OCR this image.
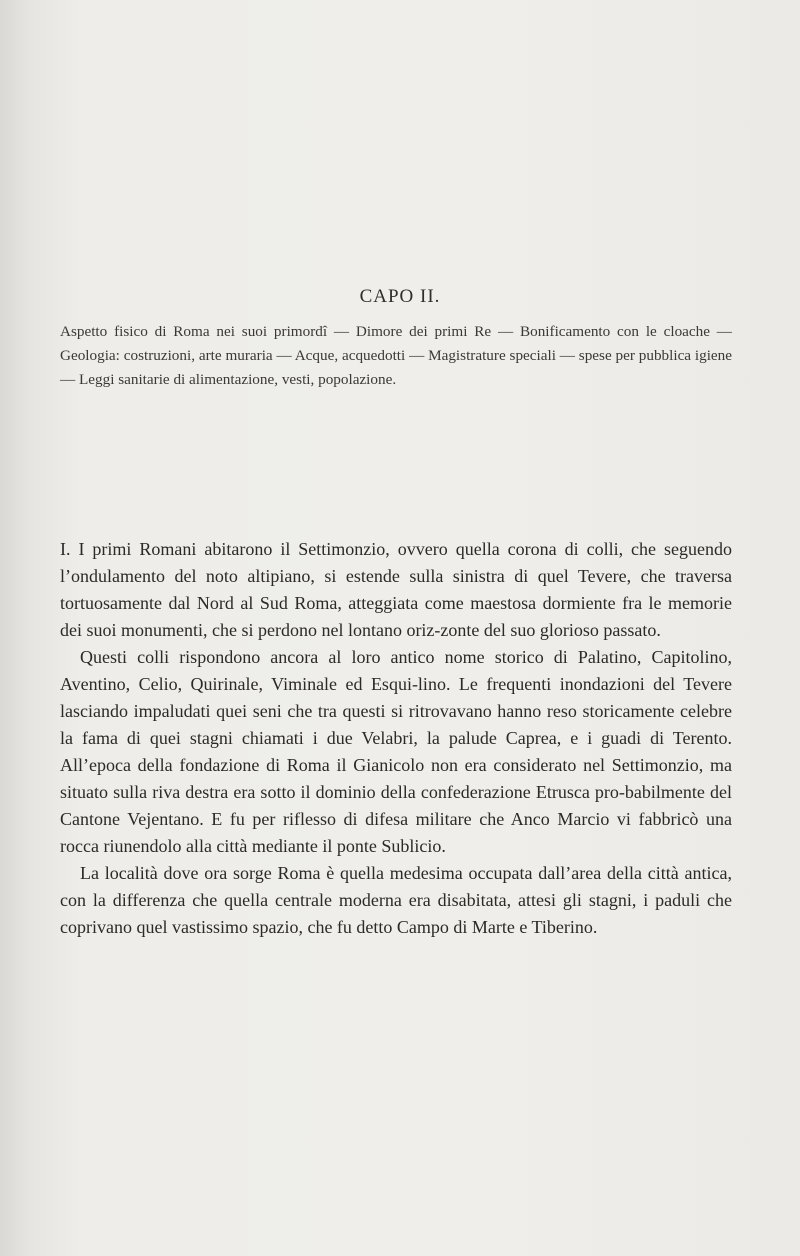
CAPO II.
Aspetto fisico di Roma nei suoi primordî — Dimore dei primi Re — Bonificamento con le cloache — Geologia: costruzioni, arte muraria — Acque, acquedotti — Magistrature speciali — spese per pubblica igiene — Leggi sanitarie di alimentazione, vesti, popolazione.

I. I primi Romani abitarono il Settimonzio, ovvero quella corona di colli, che seguendo l’ondulamento del noto altipiano, si estende sulla sinistra di quel Tevere, che traversa tortuosamente dal Nord al Sud Roma, atteggiata come maestosa dormiente fra le memorie dei suoi monumenti, che si perdono nel lontano oriz-zonte del suo glorioso passato.

Questi colli rispondono ancora al loro antico nome storico di Palatino, Capitolino, Aventino, Celio, Quirinale, Viminale ed Esqui-lino. Le frequenti inondazioni del Tevere lasciando impaludati quei seni che tra questi si ritrovavano hanno reso storicamente celebre la fama di quei stagni chiamati i due Velabri, la palude Caprea, e i guadi di Terento. All’epoca della fondazione di Roma il Gianicolo non era considerato nel Settimonzio, ma situato sulla riva destra era sotto il dominio della confederazione Etrusca pro-babilmente del Cantone Vejentano. E fu per riflesso di difesa militare che Anco Marcio vi fabbricò una rocca riunendolo alla città mediante il ponte Sublicio.

La località dove ora sorge Roma è quella medesima occupata dall’area della città antica, con la differenza che quella centrale moderna era disabitata, attesi gli stagni, i paduli che coprivano quel vastissimo spazio, che fu detto Campo di Marte e Tiberino.
